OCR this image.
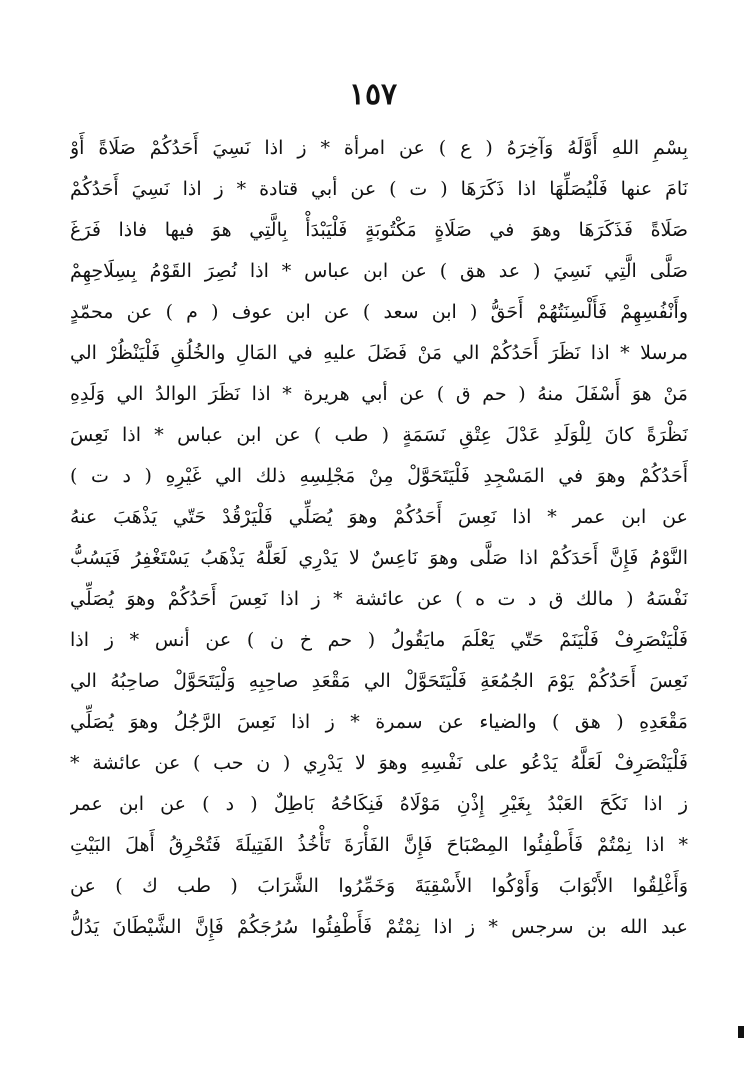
١٥٧
بِسْمِ اللهِ أَوَّلَهُ وَآخِرَهُ ( ع ) عن امرأة * ز اذا نَسِيَ أَحَدُكُمْ صَلَاةً أَوْ
نَامَ عنها فَلْيُصَلِّهَا اذا ذَكَرَهَا ( ت ) عن أبي قتادة * ز اذا نَسِيَ أَحَدُكُمْ
صَلَاةً فَذَكَرَهَا وهوَ في صَلَاةٍ مَكْتُوبَةٍ فَلْيَبْدَأْ بِالَّتِي هوَ فيها فاذا فَرَغَ
صَلَّى الَّتِي نَسِيَ ( عد هق ) عن ابن عباس * اذا نُصِرَ القَوْمُ بِسِلَاحِهِمْ
وأَنْفُسِهِمْ فَأَلْسِنَتُهُمْ أَحَقُّ ( ابن سعد ) عن ابن عوف ( م ) عن محمّدٍ
مرسلا * اذا نَظَرَ أَحَدُكُمْ الي مَنْ فَضَلَ عليهِ في المَالِ والخُلُقِ فَلْيَنْظُرْ الي
مَنْ هوَ أَسْفَلَ منهُ ( حم ق ) عن أبي هريرة * اذا نَظَرَ الوالدُ الي وَلَدِهِ
نَظْرَةً كانَ لِلْوَلَدِ عَدْلَ عِتْقِ نَسَمَةٍ ( طب ) عن ابن عباس * اذا نَعِسَ
أَحَدُكُمْ وهوَ في المَسْجِدِ فَلْيَتَحَوَّلْ مِنْ مَجْلِسِهِ ذلك الي غَيْرِهِ ( د ت )
عن ابن عمر * اذا نَعِسَ أَحَدُكُمْ وهوَ يُصَلِّي فَلْيَرْقُدْ حَتّي يَذْهَبَ عنهُ
النَّوْمُ فَإِنَّ أَحَدَكُمْ اذا صَلَّى وهوَ نَاعِسٌ لا يَدْرِي لَعَلَّهُ يَذْهَبُ يَسْتَغْفِرُ فَيَسُبُّ
نَفْسَهُ ( مالك ق د ت ه ) عن عائشة * ز اذا نَعِسَ أَحَدُكُمْ وهوَ يُصَلِّي
فَلْيَنْصَرِفْ فَلْيَنَمْ حَتّي يَعْلَمَ مايَقُولُ ( حم خ ن ) عن أنس * ز اذا
نَعِسَ أَحَدُكُمْ يَوْمَ الجُمُعَةِ فَلْيَتَحَوَّلْ الي مَقْعَدِ صاحِبِهِ وَلْيَتَحَوَّلْ صاحِبُهُ الي
مَقْعَدِهِ ( هق ) والضياء عن سمرة * ز اذا نَعِسَ الرَّجُلُ وهوَ يُصَلِّي
فَلْيَنْصَرِفْ لَعَلَّهُ يَدْعُو على نَفْسِهِ وهوَ لا يَدْرِي ( ن حب ) عن عائشة *
ز اذا نَكَحَ العَبْدُ بِغَيْرِ إِذْنِ مَوْلَاهُ فَنِكَاحُهُ بَاطِلٌ ( د ) عن ابن عمر
* اذا نِمْتُمْ فَأَطْفِئُوا المِصْبَاحَ فَإِنَّ الفَأْرَةَ تَأْخُذُ الفَتِيلَةَ فَتُحْرِقُ أَهلَ البَيْتِ
وَأَغْلِقُوا الأَبْوَابَ وَأَوْكُوا الأَسْقِيَةَ وَخَمِّرُوا الشَّرَابَ ( طب ك ) عن
عبد الله بن سرجس * ز اذا نِمْتُمْ فَأَطْفِئُوا سُرُجَكُمْ فَإِنَّ الشَّيْطَانَ يَدُلُّ
